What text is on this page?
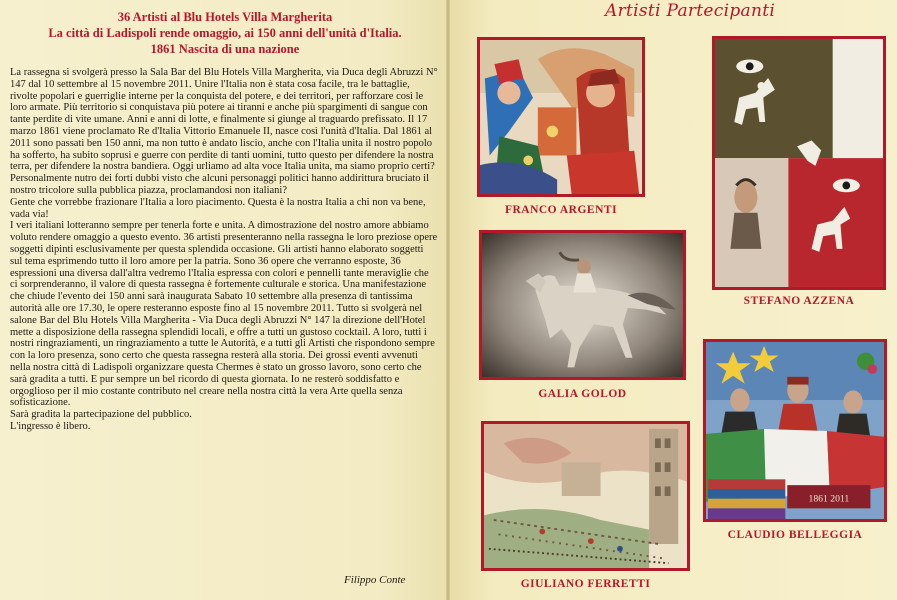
36 Artisti al Blu Hotels Villa Margherita
La città di Ladispoli rende omaggio, ai 150 anni dell'unità d'Italia.
1861 Nascita di una nazione

La rassegna si svolgerà presso la Sala Bar del Blu Hotels Villa Margherita, via Duca degli Abruzzi N° 147 dal 10 settembre al 15 novembre 2011. Unire l'Italia non è stata cosa facile, tra le battaglie, rivolte popolari e guerriglie interne per la conquista del potere, e dei territori, per rafforzare così le loro armate. Più territorio si conquistava più potere ai tiranni e anche più spargimenti di sangue con tante perdite di vite umane. Anni e anni di lotte, e finalmente si giunge al traguardo prefissato. Il 17 marzo 1861 viene proclamato Re d'Italia Vittorio Emanuele II, nasce così l'unità d'Italia. Dal 1861 al 2011 sono passati ben 150 anni, ma non tutto è andato liscio, anche con l'Italia unita il nostro popolo ha sofferto, ha subito soprusi e guerre con perdite di tanti uomini, tutto questo per difendere la nostra terra, per difendere la nostra bandiera. Oggi urliamo ad alta voce Italia unita, ma siamo proprio certi?

Personalmente nutro dei forti dubbi visto che alcuni personaggi politici hanno addirittura bruciato il nostro tricolore sulla pubblica piazza, proclamandosi non italiani?

Gente che vorrebbe frazionare l'Italia a loro piacimento. Questa è la nostra Italia a chi non va bene, vada via!

I veri italiani lotteranno sempre per tenerla forte e unita. A dimostrazione del nostro amore abbiamo voluto rendere omaggio a questo evento. 36 artisti presenteranno nella rassegna le loro preziose opere soggetti dipinti esclusivamente per questa splendida occasione. Gli artisti hanno elaborato soggetti sul tema esprimendo tutto il loro amore per la patria. Sono 36 opere che verranno esposte, 36 espressioni una diversa dall'altra vedremo l'Italia espressa con colori e pennelli tante meraviglie che ci sorprenderanno, il valore di questa rassegna è fortemente culturale e storica. Una manifestazione che chiude l'evento dei 150 anni sarà inaugurata Sabato 10 settembre alla presenza di tantissima autorità alle ore 17.30, le opere resteranno esposte fino al 15 novembre 2011. Tutto si svolgerà nel salone Bar del Blu Hotels Villa Margherita - Via Duca degli Abruzzi N° 147 la direzione dell'Hotel mette a disposizione della rassegna splendidi locali, e offre a tutti un gustoso cocktail. A loro, tutti i nostri ringraziamenti, un ringraziamento a tutte le Autorità, e a tutti gli Artisti che rispondono sempre con la loro presenza, sono certo che questa rassegna resterà alla storia. Dei grossi eventi avvenuti nella nostra città di Ladispoli organizzare questa Chermes è stato un grosso lavoro, sono certo che sarà gradita a tutti. E pur sempre un bel ricordo di questa giornata. Io ne resterò soddisfatto e orgoglioso per il mio costante contributo nel creare nella nostra città la vera Arte quella senza sofisticazione.

Sarà gradita la partecipazione del pubblico.

L'ingresso è libero.

Filippo Conte
Artisti Partecipanti
FRANCO ARGENTI
STEFANO AZZENA
GALIA GOLOD
1861 2011
CLAUDIO BELLEGGIA
GIULIANO FERRETTI
